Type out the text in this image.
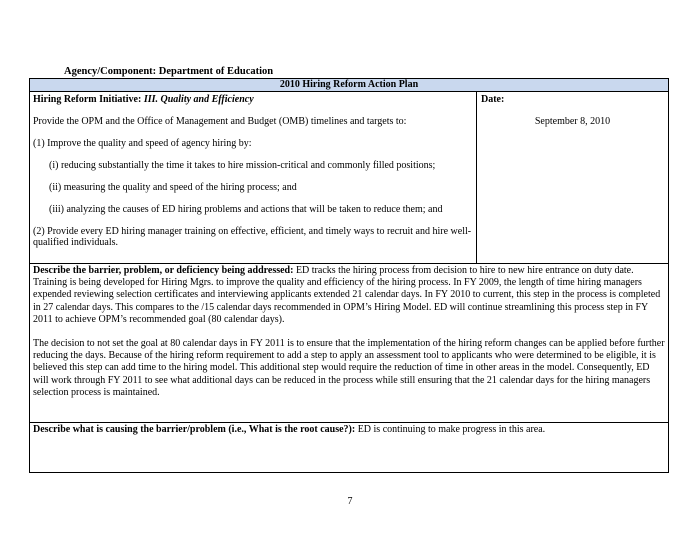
Agency/Component: Department of Education
2010 Hiring Reform Action Plan
Hiring Reform Initiative: III. Quality and Efficiency
Provide the OPM and the Office of Management and Budget (OMB) timelines and targets to:
(1) Improve the quality and speed of agency hiring by:
(i) reducing substantially the time it takes to hire mission-critical and commonly filled positions;
(ii) measuring the quality and speed of the hiring process; and
(iii) analyzing the causes of ED hiring problems and actions that will be taken to reduce them; and
(2) Provide every ED hiring manager training on effective, efficient, and timely ways to recruit and hire well-qualified individuals.
Date:
September 8, 2010
Describe the barrier, problem, or deficiency being addressed: ED tracks the hiring process from decision to hire to new hire entrance on duty date. Training is being developed for Hiring Mgrs. to improve the quality and efficiency of the hiring process. In FY 2009, the length of time hiring managers expended reviewing selection certificates and interviewing applicants extended 21 calendar days. In FY 2010 to current, this step in the process is completed in 27 calendar days. This compares to the /15 calendar days recommended in OPM’s Hiring Model. ED will continue streamlining this process step in FY 2011 to achieve OPM’s recommended goal (80 calendar days).
The decision to not set the goal at 80 calendar days in FY 2011 is to ensure that the implementation of the hiring reform changes can be applied before further reducing the days. Because of the hiring reform requirement to add a step to apply an assessment tool to applicants who were determined to be eligible, it is believed this step can add time to the hiring model. This additional step would require the reduction of time in other areas in the model. Consequently, ED will work through FY 2011 to see what additional days can be reduced in the process while still ensuring that the 21 calendar days for the hiring managers selection process is maintained.
Describe what is causing the barrier/problem (i.e., What is the root cause?): ED is continuing to make progress in this area.
7
